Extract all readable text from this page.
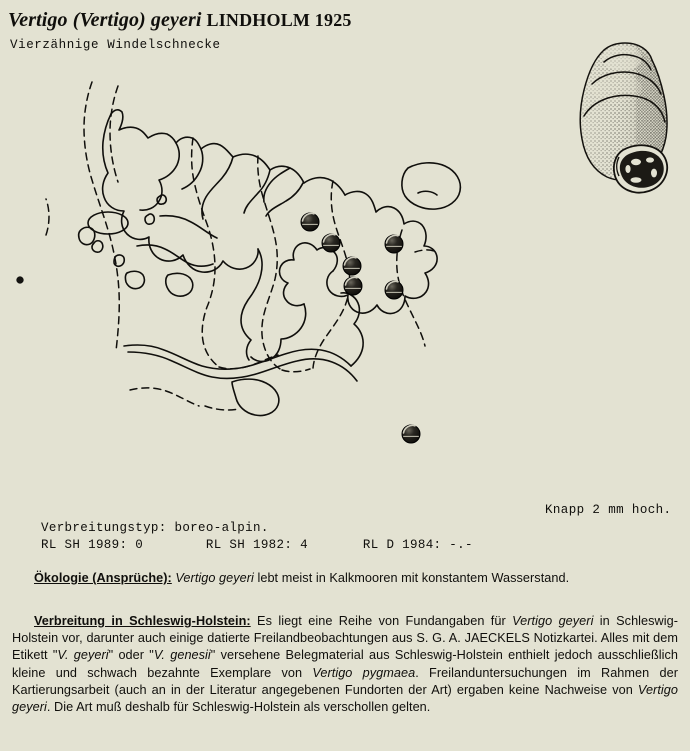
Vertigo (Vertigo) geyeri LINDHOLM 1925
Vierzähnige Windelschnecke
Knapp 2 mm hoch.
Verbreitungstyp: boreo-alpin.
RL SH 1989: 0        RL SH 1982: 4       RL D 1984: -.-
Ökologie (Ansprüche): Vertigo geyeri lebt meist in Kalkmooren mit konstantem Wasserstand.
Verbreitung in Schleswig-Holstein: Es liegt eine Reihe von Fundangaben für Vertigo geyeri in Schleswig-Holstein vor, darunter auch einige datierte Freilandbeobachtungen aus S. G. A. JAECKELS Notizkartei. Alles mit dem Etikett "V. geyeri" oder "V. genesii" versehene Belegmaterial aus Schleswig-Holstein enthielt jedoch ausschließlich kleine und schwach bezahnte Exemplare von Vertigo pygmaea. Freilanduntersuchungen im Rahmen der Kartierungsarbeit (auch an in der Literatur angegebenen Fundorten der Art) ergaben keine Nachweise von Vertigo geyeri. Die Art muß deshalb für Schleswig-Holstein als verschollen gelten.
